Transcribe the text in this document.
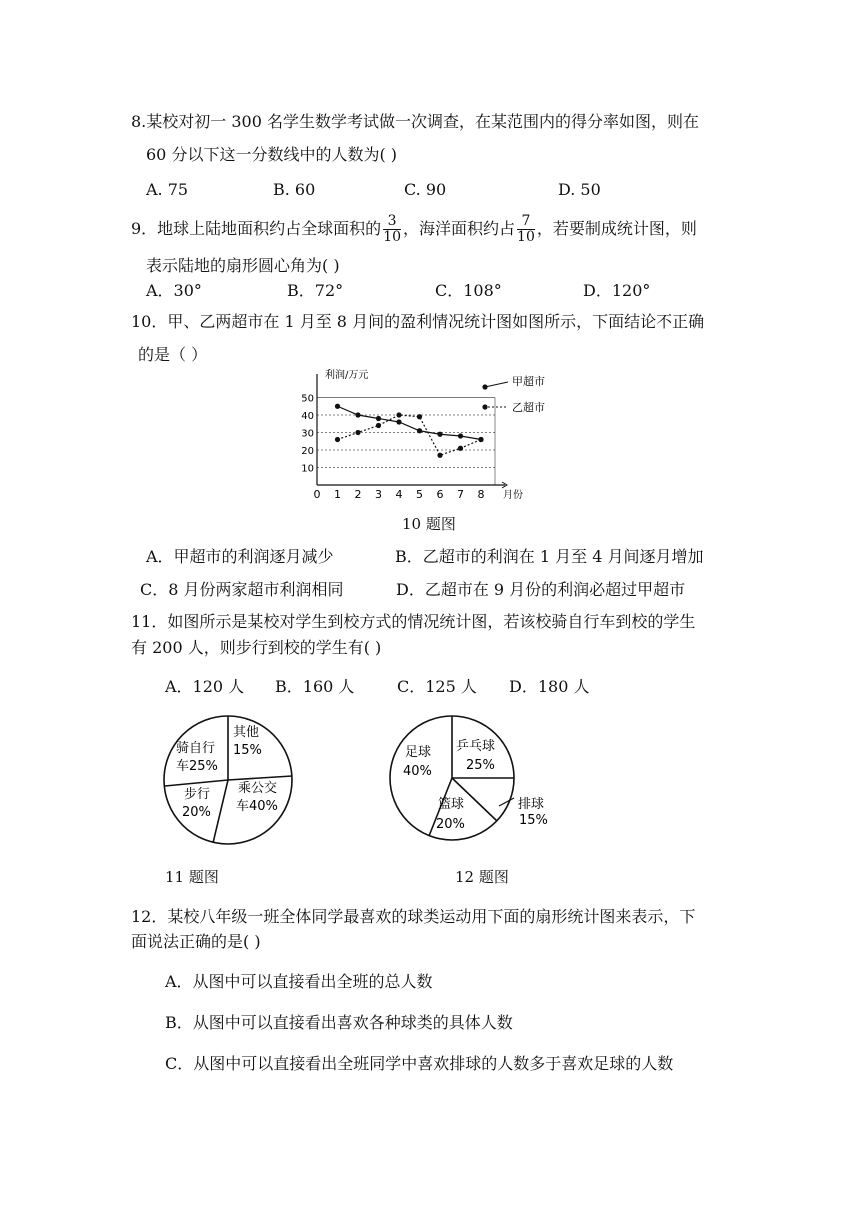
8.某校对初一 300 名学生数学考试做一次调查，在某范围内的得分率如图，则在
60 分以下这一分数线中的人数为( )
A. 75	B. 60	C. 90	D. 50
9．地球上陆地面积约占全球面积的 $\frac{3}{10}$ ，海洋面积约占 $\frac{7}{10}$ ，若要制成统计图，则
表示陆地的扇形圆心角为( )
A．30°	B．72°	C．108°	D．120°
10．甲、乙两超市在 1 月至 8 月间的盈利情况统计图如图所示，下面结论不正确
的是（ ）
10
20
30
40
50
0 1 2 3 4 5 6 7 8 月份
利润/万元	甲超市
乙超市
10 题图
A．甲超市的利润逐月减少	B．乙超市的利润在 1 月至 4 月间逐月增加
C．8 月份两家超市利润相同	D．乙超市在 9 月份的利润必超过甲超市
11．如图所示是某校对学生到校方式的情况统计图，若该校骑自行车到校的学生
有 200 人，则步行到校的学生有( )
A．120 人 B．160 人	C．125 人 D．180 人
其他
15%
乘公交
车40%
步行
20%
骑自行
车25%
11 题图
乒乓球
25%
排球
15%
篮球
20%
足球
40%
12 题图
12．某校八年级一班全体同学最喜欢的球类运动用下面的扇形统计图来表示，下
面说法正确的是( )
A．从图中可以直接看出全班的总人数
B．从图中可以直接看出喜欢各种球类的具体人数
C．从图中可以直接看出全班同学中喜欢排球的人数多于喜欢足球的人数
